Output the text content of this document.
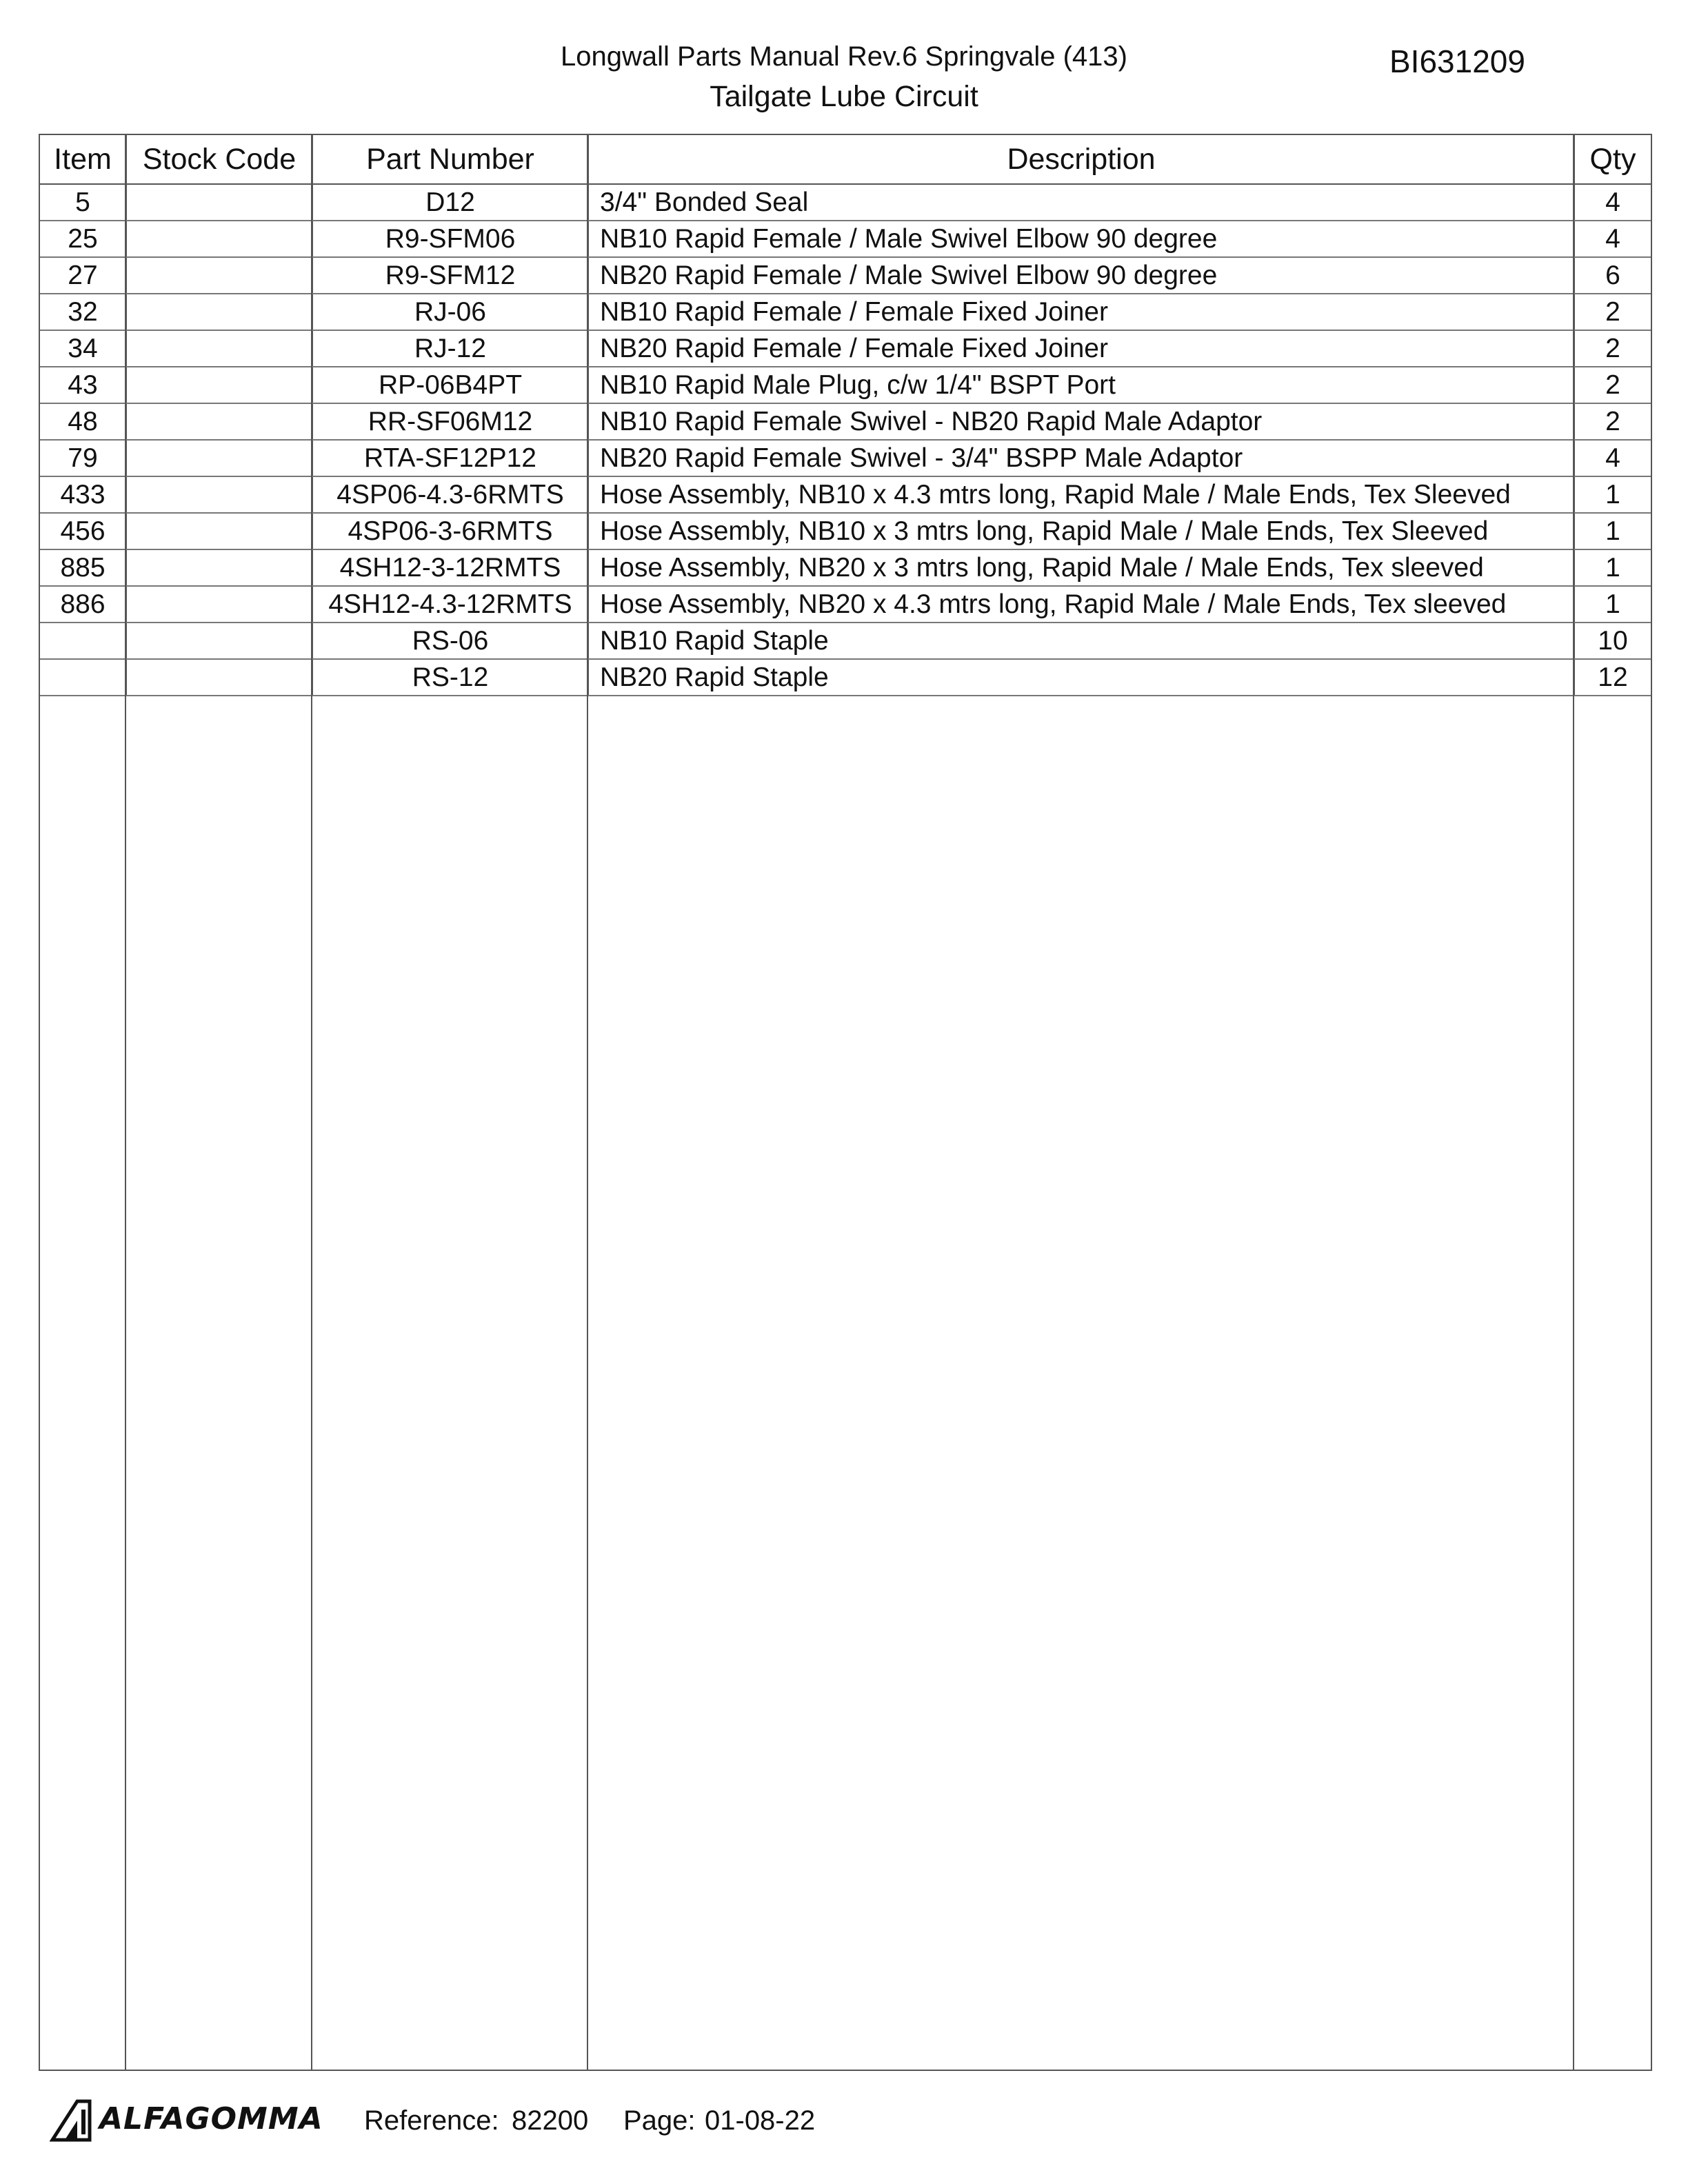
Longwall Parts Manual Rev.6 Springvale (413)
Tailgate Lube Circuit
BI631209
Item	Stock Code	Part Number	Description	Qty
5		D12	3/4" Bonded Seal	4
25		R9-SFM06	NB10 Rapid Female / Male Swivel Elbow 90 degree	4
27		R9-SFM12	NB20 Rapid Female / Male Swivel Elbow 90 degree	6
32		RJ-06	NB10 Rapid Female / Female Fixed Joiner	2
34		RJ-12	NB20 Rapid Female / Female Fixed Joiner	2
43		RP-06B4PT	NB10 Rapid Male Plug, c/w 1/4" BSPT Port	2
48		RR-SF06M12	NB10 Rapid Female Swivel - NB20 Rapid Male Adaptor	2
79		RTA-SF12P12	NB20 Rapid Female Swivel - 3/4" BSPP Male Adaptor	4
433		4SP06-4.3-6RMTS	Hose Assembly, NB10 x 4.3 mtrs long, Rapid Male / Male Ends, Tex Sleeved	1
456		4SP06-3-6RMTS	Hose Assembly, NB10 x 3 mtrs long, Rapid Male / Male Ends, Tex Sleeved	1
885		4SH12-3-12RMTS	Hose Assembly, NB20 x 3 mtrs long, Rapid Male / Male Ends, Tex sleeved	1
886		4SH12-4.3-12RMTS	Hose Assembly, NB20 x 4.3 mtrs long, Rapid Male / Male Ends, Tex sleeved	1
		RS-06	NB10 Rapid Staple	10
		RS-12	NB20 Rapid Staple	12
ALFAGOMMA Reference: 82200 Page: 01-08-22
